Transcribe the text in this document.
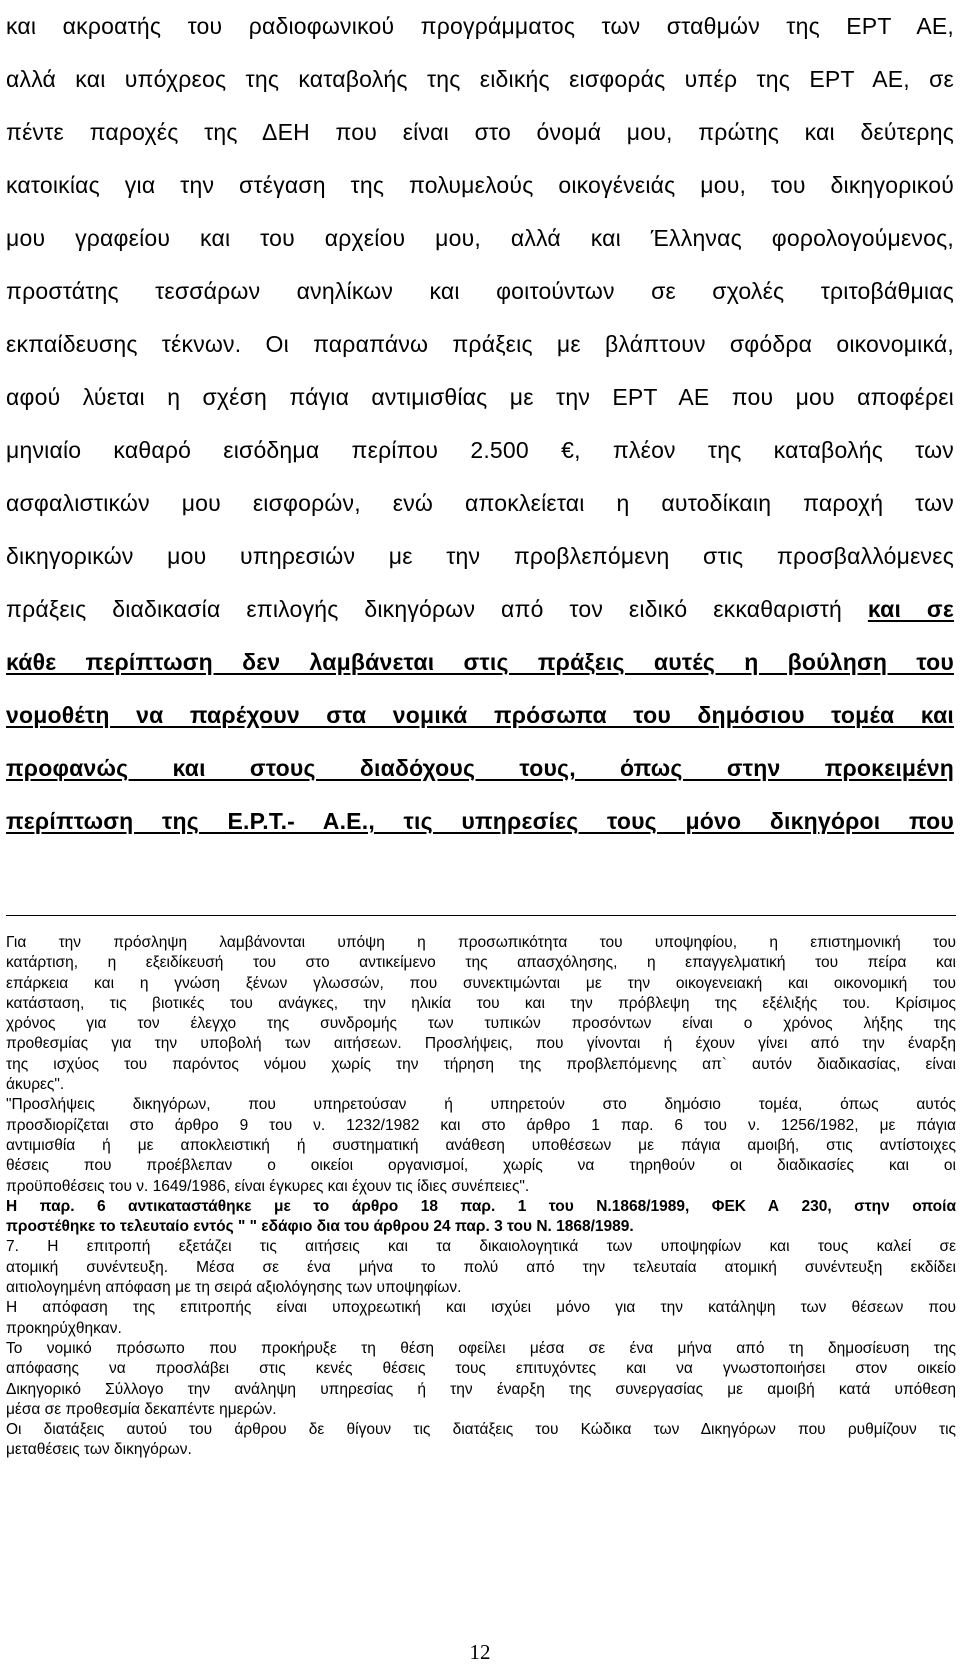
και ακροατής του ραδιοφωνικού προγράμματος των σταθμών της ΕΡΤ ΑΕ,
αλλά και υπόχρεος της καταβολής της ειδικής εισφοράς υπέρ της ΕΡΤ ΑΕ, σε
πέντε παροχές της ΔΕΗ που είναι στο όνομά μου, πρώτης και δεύτερης
κατοικίας για την στέγαση της πολυμελούς οικογένειάς μου, του δικηγορικού
μου γραφείου και του αρχείου μου, αλλά και Έλληνας φορολογούμενος,
προστάτης τεσσάρων ανηλίκων και φοιτούντων σε σχολές τριτοβάθμιας
εκπαίδευσης τέκνων. Οι παραπάνω πράξεις με βλάπτουν σφόδρα οικονομικά,
αφού λύεται η σχέση πάγια αντιμισθίας με την ΕΡΤ ΑΕ που μου αποφέρει
μηνιαίο καθαρό εισόδημα περίπου 2.500 €, πλέον της καταβολής των
ασφαλιστικών μου εισφορών, ενώ αποκλείεται η αυτοδίκαιη παροχή των
δικηγορικών μου υπηρεσιών με την προβλεπόμενη στις προσβαλλόμενες
πράξεις διαδικασία επιλογής δικηγόρων από τον ειδικό εκκαθαριστή και σε
κάθε περίπτωση δεν λαμβάνεται στις πράξεις αυτές η βούληση του
νομοθέτη να παρέχουν στα νομικά πρόσωπα του δημόσιου τομέα και
προφανώς και στους διαδόχους τους, όπως στην προκειμένη
περίπτωση της Ε.Ρ.Τ.- Α.Ε., τις υπηρεσίες τους μόνο δικηγόροι που
Για την πρόσληψη λαμβάνονται υπόψη η προσωπικότητα του υποψηφίου, η επιστημονική του
κατάρτιση, η εξειδίκευσή του στο αντικείμενο της απασχόλησης, η επαγγελματική του πείρα και
επάρκεια και η γνώση ξένων γλωσσών, που συνεκτιμώνται με την οικογενειακή και οικονομική του
κατάσταση, τις βιοτικές του ανάγκες, την ηλικία του και την πρόβλεψη της εξέλιξής του. Κρίσιμος
χρόνος για τον έλεγχο της συνδρομής των τυπικών προσόντων είναι ο χρόνος λήξης της
προθεσμίας για την υποβολή των αιτήσεων. Προσλήψεις, που γίνονται ή έχουν γίνει από την έναρξη
της ισχύος του παρόντος νόμου χωρίς την τήρηση της προβλεπόμενης απ` αυτόν διαδικασίας, είναι
άκυρες".
"Προσλήψεις δικηγόρων, που υπηρετούσαν ή υπηρετούν στο δημόσιο τομέα, όπως αυτός
προσδιορίζεται στο άρθρο 9 του ν. 1232/1982 και στο άρθρο 1 παρ. 6 του ν. 1256/1982, με πάγια
αντιμισθία ή με αποκλειστική ή συστηματική ανάθεση υποθέσεων με πάγια αμοιβή, στις αντίστοιχες
θέσεις που προέβλεπαν ο οικείοι οργανισμοί, χωρίς να τηρηθούν οι διαδικασίες και οι
προϋποθέσεις του ν. 1649/1986, είναι έγκυρες και έχουν τις ίδιες συνέπειες".
Η παρ. 6 αντικαταστάθηκε με το άρθρο 18 παρ. 1 του Ν.1868/1989, ΦΕΚ Α 230, στην οποία
προστέθηκε το τελευταίο εντός " " εδάφιο δια του άρθρου 24 παρ. 3 του Ν. 1868/1989.
7. Η επιτροπή εξετάζει τις αιτήσεις και τα δικαιολογητικά των υποψηφίων και τους καλεί σε
ατομική συνέντευξη. Μέσα σε ένα μήνα το πολύ από την τελευταία ατομική συνέντευξη εκδίδει
αιτιολογημένη απόφαση με τη σειρά αξιολόγησης των υποψηφίων.
Η απόφαση της επιτροπής είναι υποχρεωτική και ισχύει μόνο για την κατάληψη των θέσεων που
προκηρύχθηκαν.
Το νομικό πρόσωπο που προκήρυξε τη θέση οφείλει μέσα σε ένα μήνα από τη δημοσίευση της
απόφασης να προσλάβει στις κενές θέσεις τους επιτυχόντες και να γνωστοποιήσει στον οικείο
Δικηγορικό Σύλλογο την ανάληψη υπηρεσίας ή την έναρξη της συνεργασίας με αμοιβή κατά υπόθεση
μέσα σε προθεσμία δεκαπέντε ημερών.
Οι διατάξεις αυτού του άρθρου δε θίγουν τις διατάξεις του Κώδικα των Δικηγόρων που ρυθμίζουν τις
μεταθέσεις των δικηγόρων.
12
